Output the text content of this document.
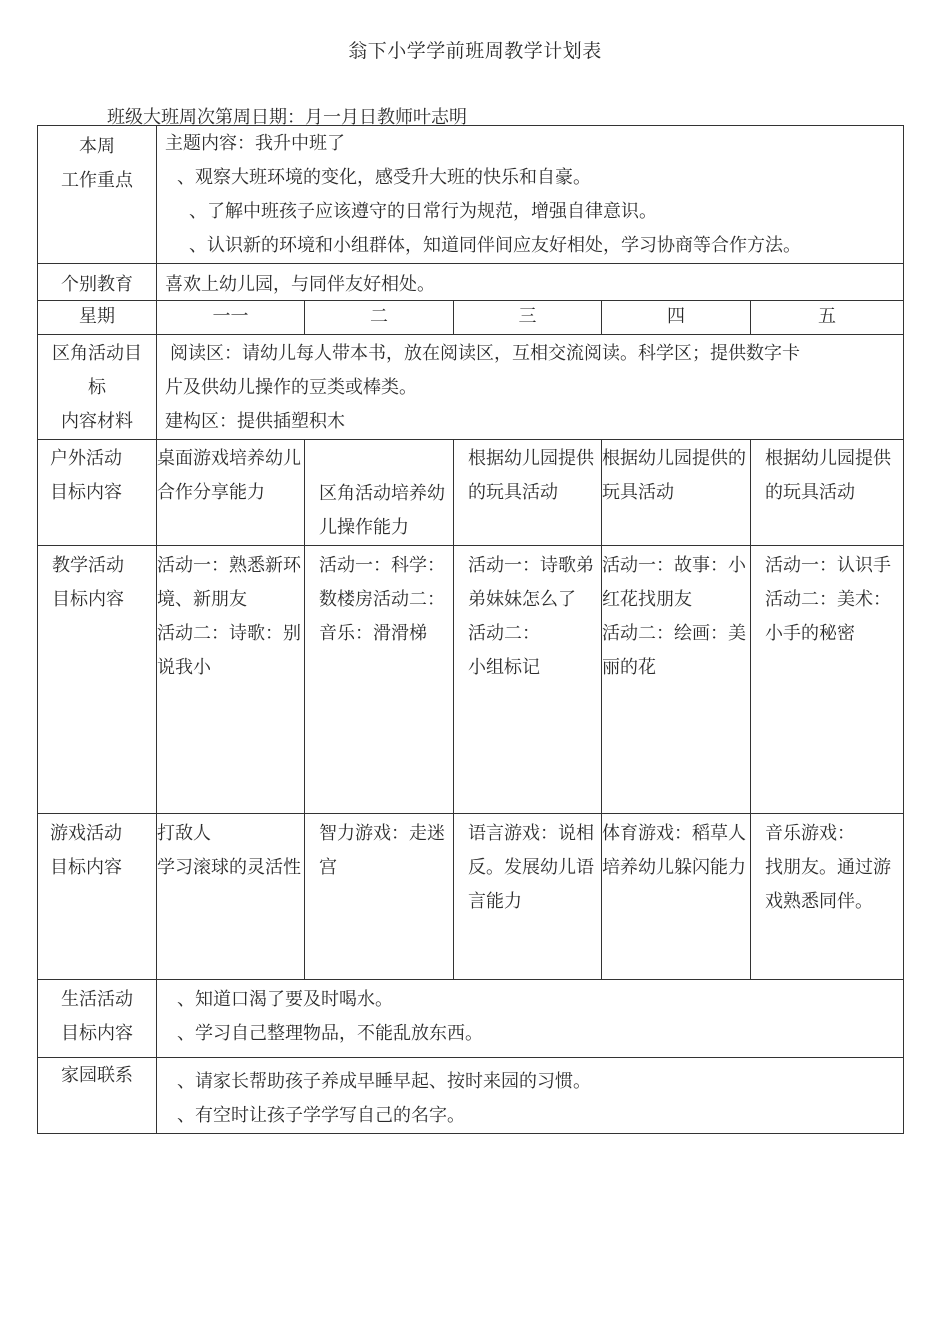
翁下小学学前班周教学计划表
班级大班周次第周日期：月一月日教师叶志明
本周
工作重点	主题内容：我升中班了
、观察大班环境的变化，感受升大班的快乐和自豪。
、了解中班孩子应该遵守的日常行为规范，增强自律意识。
、认识新的环境和小组群体，知道同伴间应友好相处，学习协商等合作方法。				

个别教育	喜欢上幼儿园，与同伴友好相处。				
星期	一一	二	三	四	五

区角活动目
标
内容材料	阅读区：请幼儿每人带本书，放在阅读区，互相交流阅读。科学区；提供数字卡
片及供幼儿操作的豆类或棒类。
建构区：提供插塑积木				

户外活动
目标内容	桌面游戏培养幼儿合作分享能力	区角活动培养幼儿操作能力	根据幼儿园提供的玩具活动	根据幼儿园提供的玩具活动	根据幼儿园提供的玩具活动

教学活动
目标内容	活动一：熟悉新环境、新朋友
活动二：诗歌：别说我小	活动一：科学：数楼房活动二：音乐：滑滑梯	活动一：诗歌弟弟妹妹怎么了
活动二：
小组标记	活动一：故事：小红花找朋友
活动二：绘画：美丽的花	活动一：认识手
活动二：美术：小手的秘密

游戏活动
目标内容	打敌人
学习滚球的灵活性	智力游戏：走迷宫	语言游戏：说相反。发展幼儿语言能力	体育游戏：稻草人培养幼儿躲闪能力	音乐游戏：
找朋友。通过游戏熟悉同伴。

生活活动
目标内容	、知道口渴了要及时喝水。
、学习自己整理物品，不能乱放东西。				

家园联系	、请家长帮助孩子养成早睡早起、按时来园的习惯。
、有空时让孩子学学写自己的名字。				
